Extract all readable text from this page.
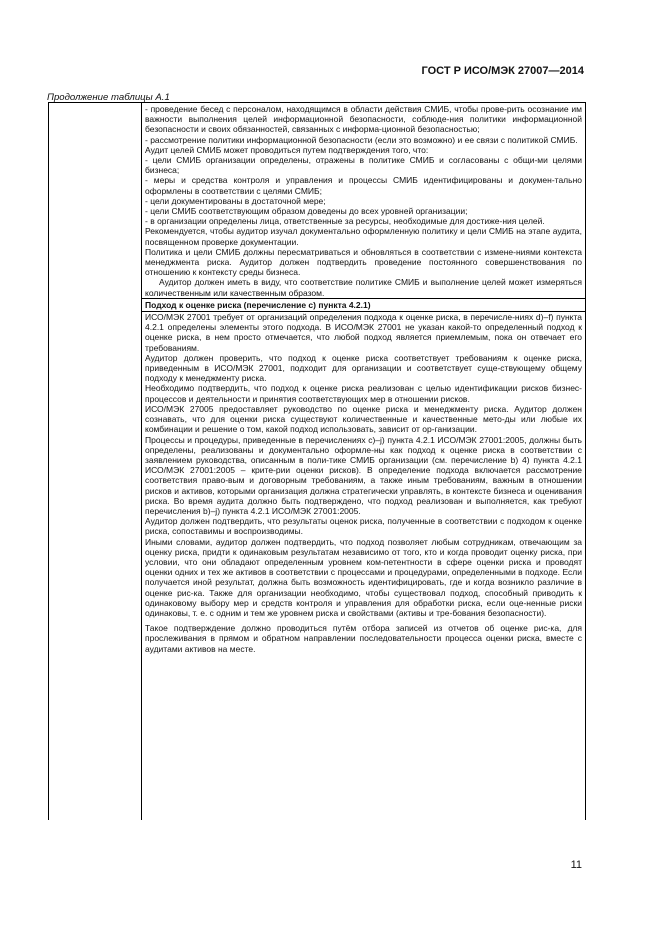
ГОСТ Р ИСО/МЭК 27007—2014
Продолжение таблицы А.1

- проведение бесед с персоналом, находящимся в области действия СМИБ, чтобы прове-рить осознание им важности выполнения целей информационной безопасности, соблюде-ния политики информационной безопасности и своих обязанностей, связанных с информа-ционной безопасностью;

- рассмотрение политики информационной безопасности (если это возможно) и ее связи с политикой СМИБ.

Аудит целей СМИБ может проводиться путем подтверждения того, что:

- цели СМИБ организации определены, отражены в политике СМИБ и согласованы с общи-ми целями бизнеса;

- меры и средства контроля и управления и процессы СМИБ идентифицированы и докумен-тально оформлены в соответствии с целями СМИБ;

- цели документированы в достаточной мере;

- цели СМИБ соответствующим образом доведены до всех уровней организации;

- в организации определены лица, ответственные за ресурсы, необходимые для достиже-ния целей.

Рекомендуется, чтобы аудитор изучал документально оформленную политику и цели СМИБ на этапе аудита, посвященном проверке документации.

Политика и цели СМИБ должны пересматриваться и обновляться в соответствии с измене-ниями контекста менеджмента риска. Аудитор должен подтвердить проведение постоянного совершенствования по отношению к контексту среды бизнеса.

Аудитор должен иметь в виду, что соответствие политике СМИБ и выполнение целей может измеряться количественным или качественным образом.

Подход к оценке риска (перечисление с) пункта 4.2.1)

ИСО/МЭК 27001 требует от организаций определения подхода к оценке риска, в перечисле-ниях d)–f) пункта 4.2.1 определены элементы этого подхода. В ИСО/МЭК 27001 не указан какой-то определенный подход к оценке риска, в нем просто отмечается, что любой подход является приемлемым, пока он отвечает его требованиям.

Аудитор должен проверить, что подход к оценке риска соответствует требованиям к оценке риска, приведенным в ИСО/МЭК 27001, подходит для организации и соответствует суще-ствующему общему подходу к менеджменту риска.

Необходимо подтвердить, что подход к оценке риска реализован с целью идентификации рисков бизнес-процессов и деятельности и принятия соответствующих мер в отношении рисков.

ИСО/МЭК 27005 предоставляет руководство по оценке риска и менеджменту риска. Аудитор должен сознавать, что для оценки риска существуют количественные и качественные мето-ды или любые их комбинации и решение о том, какой подход использовать, зависит от ор-ганизации.

Процессы и процедуры, приведенные в перечислениях с)–j) пункта 4.2.1 ИСО/МЭК 27001:2005, должны быть определены, реализованы и документально оформле-ны как подход к оценке риска в соответствии с заявлением руководства, описанным в поли-тике СМИБ организации (см. перечисление b) 4) пункта 4.2.1 ИСО/МЭК 27001:2005 – крите-рии оценки рисков). В определение подхода включается рассмотрение соответствия право-вым и договорным требованиям, а также иным требованиям, важным в отношении рисков и активов, которыми организация должна стратегически управлять, в контексте бизнеса и оценивания риска. Во время аудита должно быть подтверждено, что подход реализован и выполняется, как требуют перечисления b)–j) пункта 4.2.1 ИСО/МЭК 27001:2005.

Аудитор должен подтвердить, что результаты оценок риска, полученные в соответствии с подходом к оценке риска, сопоставимы и воспроизводимы.

Иными словами, аудитор должен подтвердить, что подход позволяет любым сотрудникам, отвечающим за оценку риска, придти к одинаковым результатам независимо от того, кто и когда проводит оценку риска, при условии, что они обладают определенным уровнем ком-петентности в сфере оценки риска и проводят оценки одних и тех же активов в соответствии с процессами и процедурами, определенными в подходе. Если получается иной результат, должна быть возможность идентифицировать, где и когда возникло различие в оценке рис-ка. Также для организации необходимо, чтобы существовал подход, способный приводить к одинаковому выбору мер и средств контроля и управления для обработки риска, если оце-ненные риски одинаковы, т. е. с одним и тем же уровнем риска и свойствами (активы и тре-бования безопасности).

Такое подтверждение должно проводиться путём отбора записей из отчетов об оценке рис-ка, для прослеживания в прямом и обратном направлении последовательности процесса оценки риска, вместе с аудитами активов на месте.

11
